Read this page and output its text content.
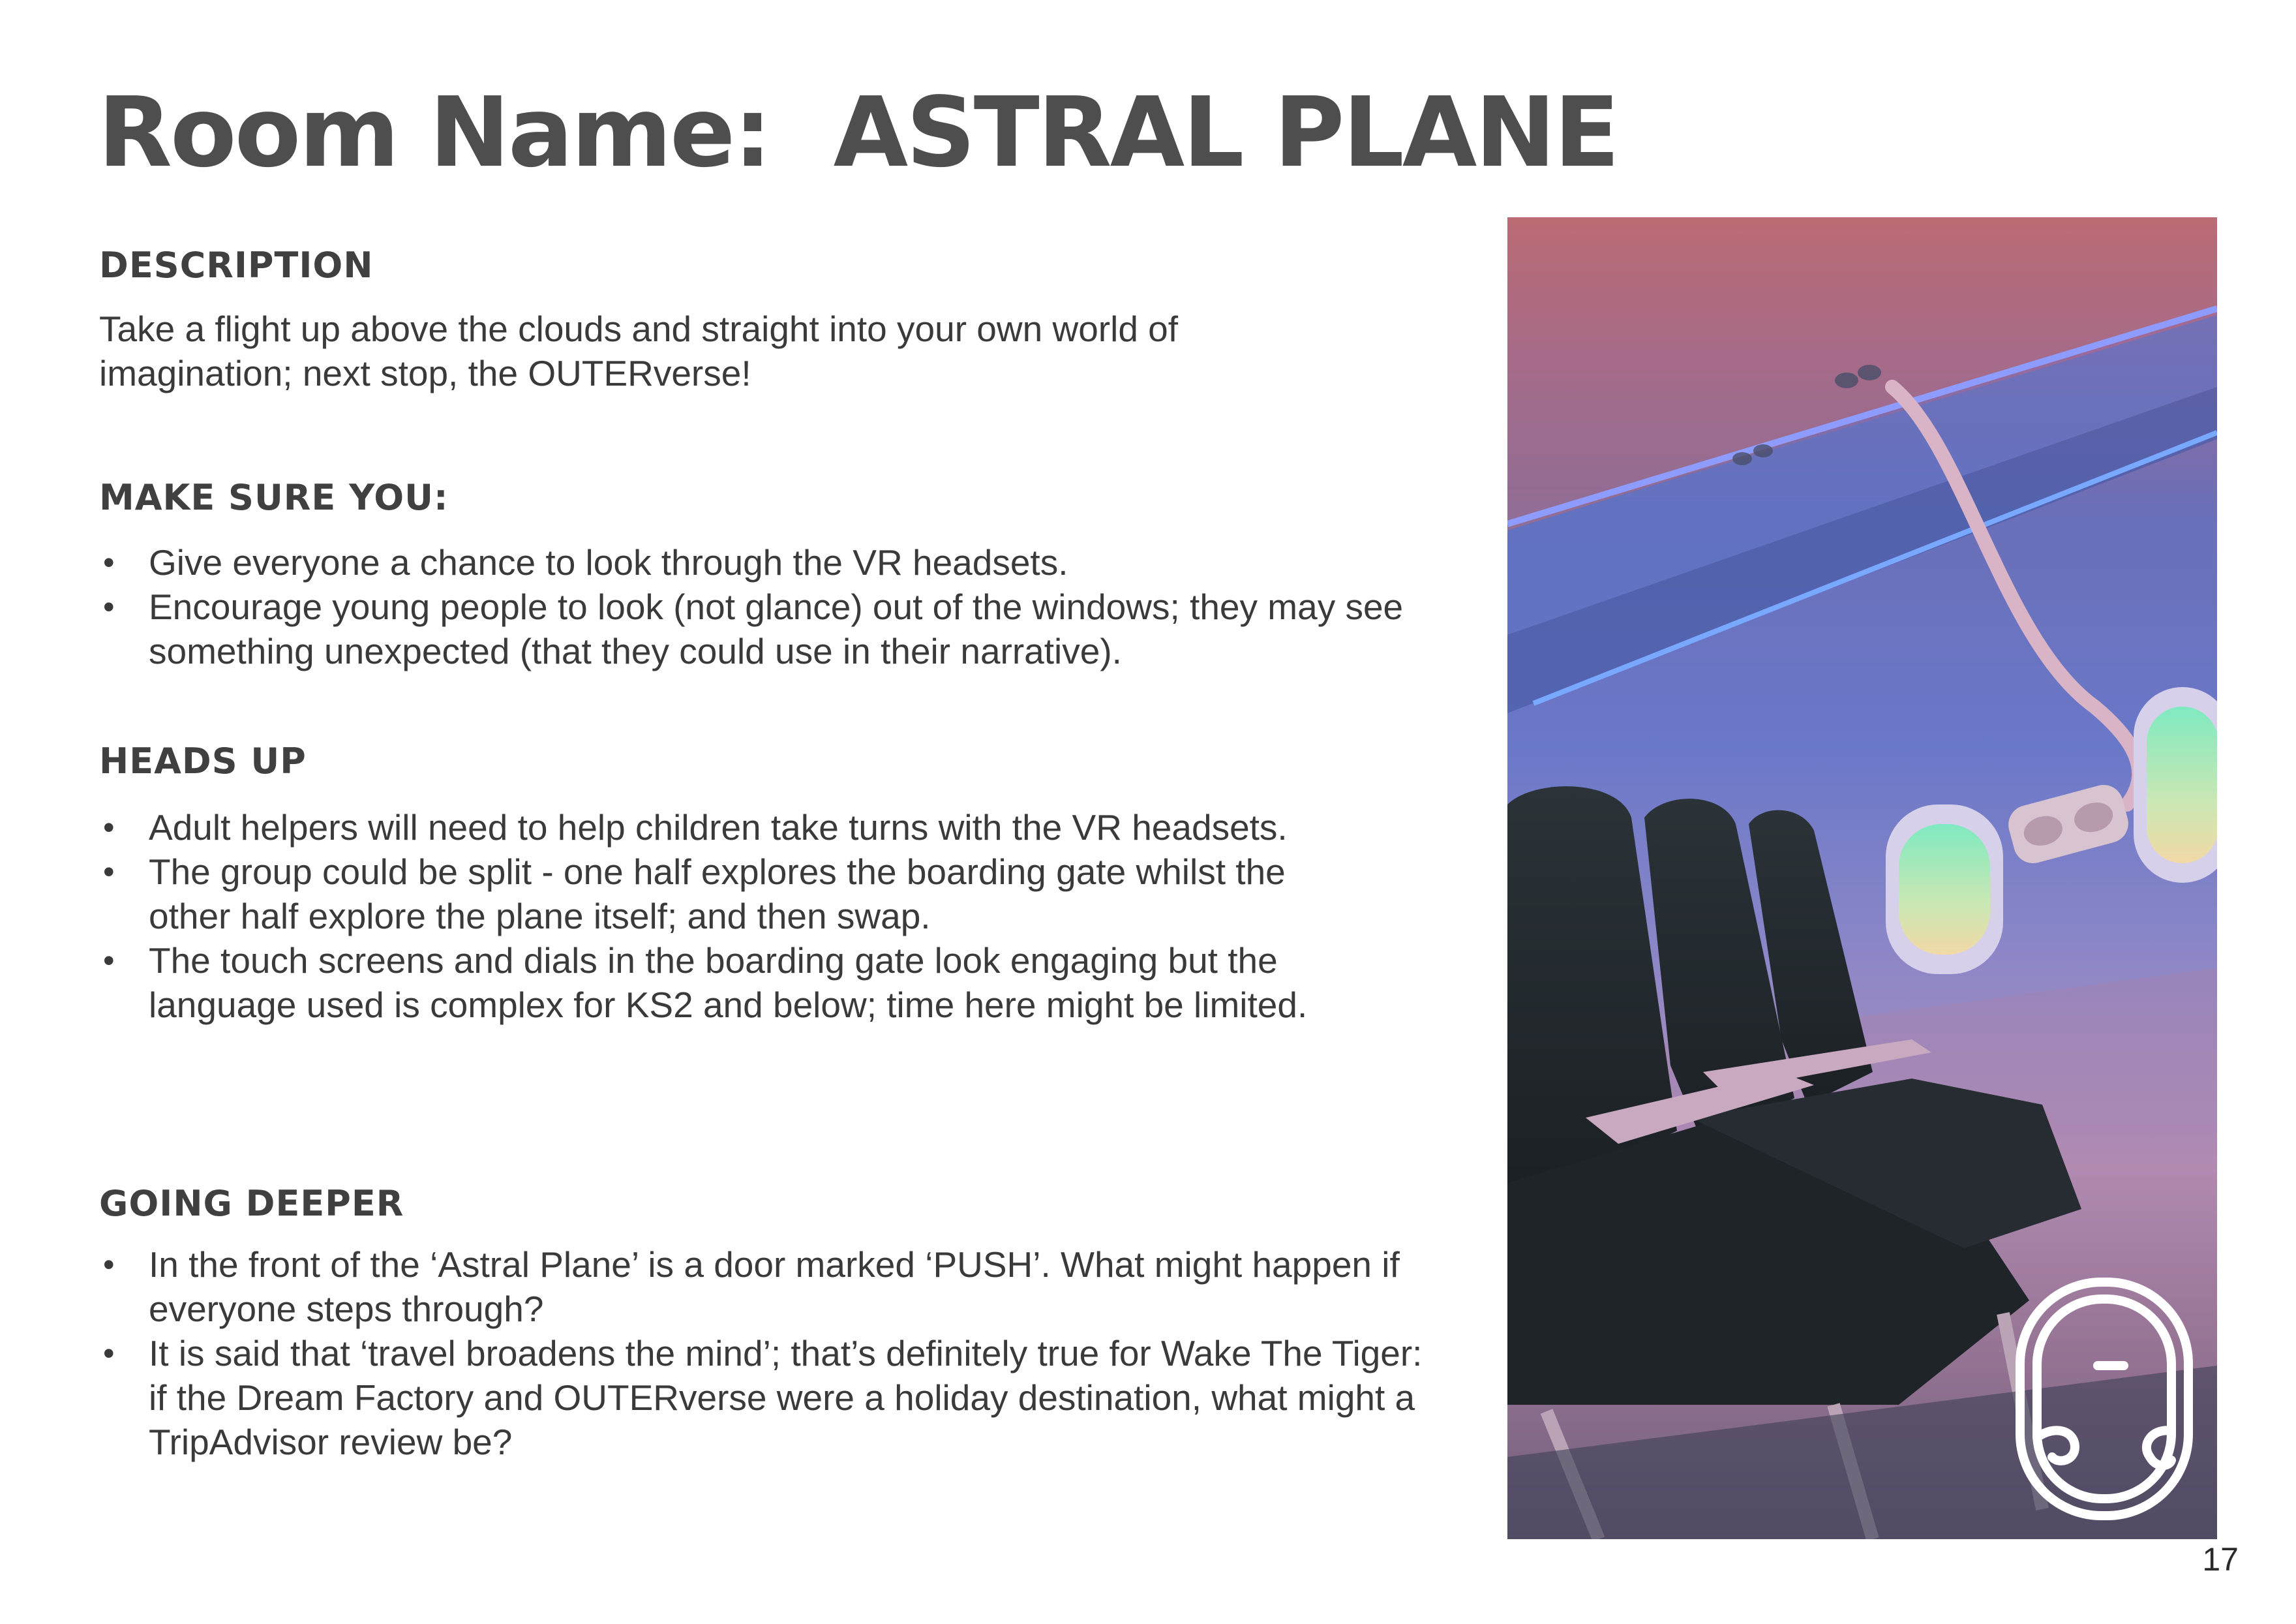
Room Name:  ASTRAL PLANE
DESCRIPTION

Take a flight up above the clouds and straight into your own world of

imagination; next stop, the OUTERverse!

MAKE SURE YOU:
• Give everyone a chance to look through the VR headsets.
• Encourage young people to look (not glance) out of the windows; they may see something unexpected (that they could use in their narrative).
HEADS UP
• Adult helpers will need to help children take turns with the VR headsets.
• The group could be split - one half explores the boarding gate whilst the other half explore the plane itself; and then swap.
• The touch screens and dials in the boarding gate look engaging but the language used is complex for KS2 and below; time here might be limited.
GOING DEEPER
• In the front of the ‘Astral Plane’ is a door marked ‘PUSH’. What might happen if everyone steps through?
• It is said that ‘travel broadens the mind’; that’s definitely true for Wake The Tiger: if the Dream Factory and OUTERverse were a holiday destination, what might a TripAdvisor review be?
17
